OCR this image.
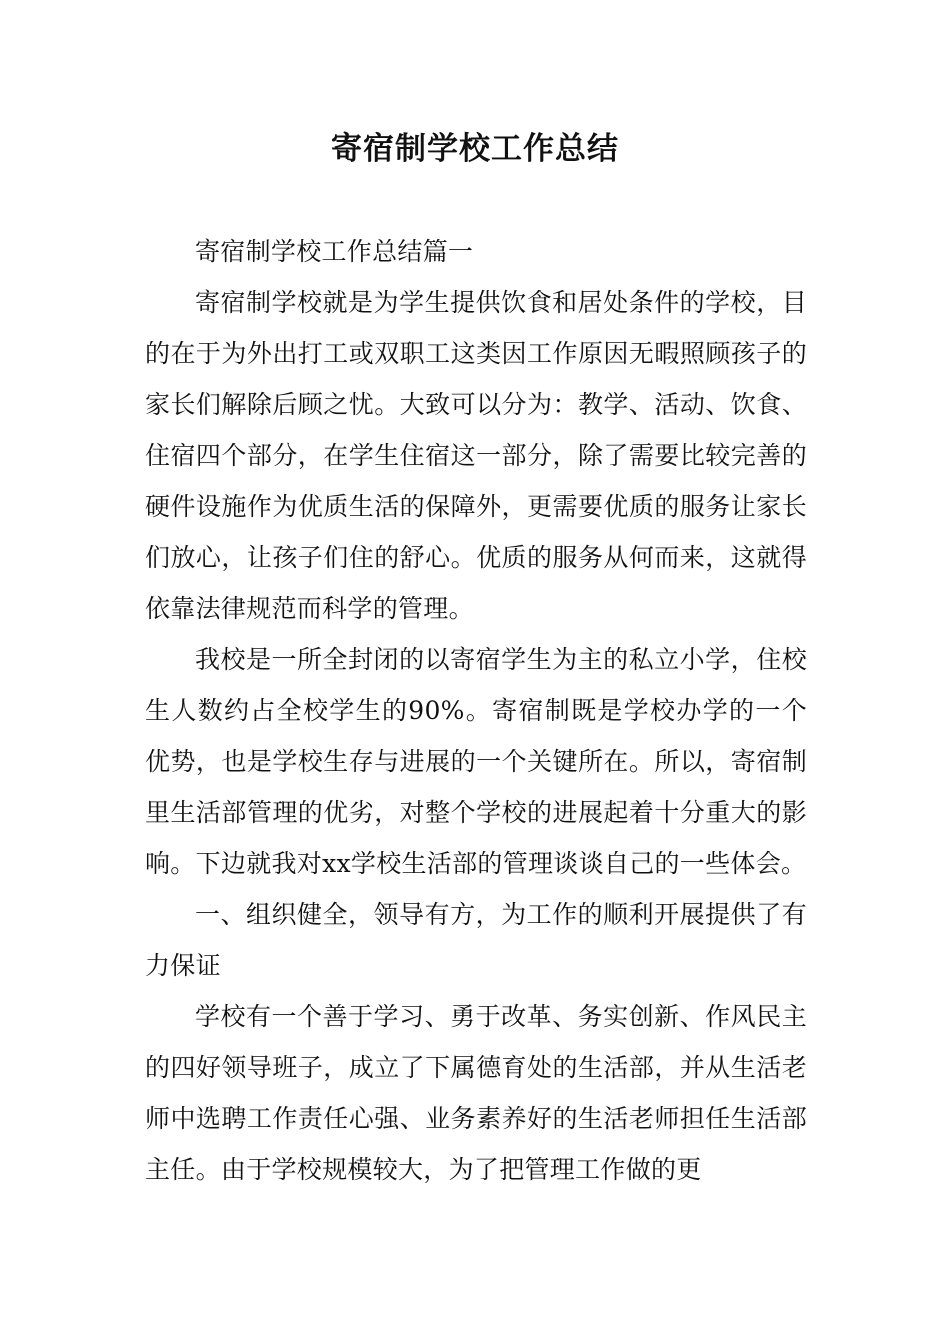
寄宿制学校工作总结

寄宿制学校工作总结篇一

寄宿制学校就是为学生提供饮食和居处条件的学校，目的在于为外出打工或双职工这类因工作原因无暇照顾孩子的家长们解除后顾之忧。大致可以分为：教学、活动、饮食、住宿四个部分，在学生住宿这一部分，除了需要比较完善的硬件设施作为优质生活的保障外，更需要优质的服务让家长们放心，让孩子们住的舒心。优质的服务从何而来，这就得依靠法律规范而科学的管理。

我校是一所全封闭的以寄宿学生为主的私立小学，住校生人数约占全校学生的90%。寄宿制既是学校办学的一个优势，也是学校生存与进展的一个关键所在。所以，寄宿制里生活部管理的优劣，对整个学校的进展起着十分重大的影响。下边就我对xx学校生活部的管理谈谈自己的一些体会。

一、组织健全，领导有方，为工作的顺利开展提供了有力保证

学校有一个善于学习、勇于改革、务实创新、作风民主的四好领导班子，成立了下属德育处的生活部，并从生活老师中选聘工作责任心强、业务素养好的生活老师担任生活部主任。由于学校规模较大，为了把管理工作做的更
